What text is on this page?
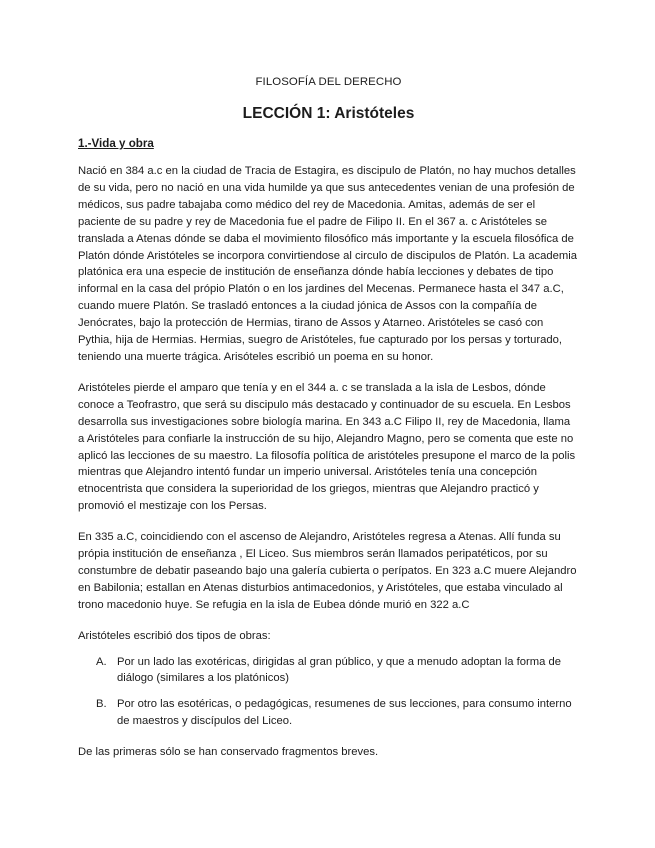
FILOSOFÍA DEL DERECHO
LECCIÓN 1: Aristóteles
1.-Vida y obra

Nació en 384 a.c en la ciudad de Tracia de Estagira, es discipulo de Platón, no hay muchos detalles de su vida, pero no nació en una vida humilde ya que sus antecedentes venian de una profesión de médicos, sus padre tabajaba como médico del rey de Macedonia. Amitas, además de ser el paciente de su padre y rey de Macedonia fue el padre de Filipo II. En el 367 a. c Aristóteles se translada a Atenas dónde se daba el movimiento filosófico más importante y la escuela filosófica de Platón dónde Aristóteles se incorpora convirtiendose al circulo de discipulos de Platón. La academia platónica era una especie de institución de enseñanza dónde había lecciones y debates de tipo informal en la casa del própio Platón o en los jardines del Mecenas. Permanece hasta el 347 a.C, cuando muere Platón. Se trasladó entonces a la ciudad jónica de Assos con la compañía de Jenócrates, bajo la protección de Hermias, tirano de Assos y Atarneo. Aristóteles se casó con Pythia, hija de Hermias. Hermias, suegro de Aristóteles, fue capturado por los persas y torturado, teniendo una muerte trágica. Arisóteles escribió un poema en su honor.

Aristóteles pierde el amparo que tenía y en el 344 a. c se translada a la isla de Lesbos, dónde conoce a Teofrastro, que será su discipulo más destacado y continuador de su escuela. En Lesbos desarrolla sus investigaciones sobre biología marina. En 343 a.C Filipo II, rey de Macedonia, llama a Aristóteles para confiarle la instrucción de su hijo, Alejandro Magno, pero se comenta que este no aplicó las lecciones de su maestro. La filosofía política de aristóteles presupone el marco de la polis mientras que Alejandro intentó fundar un imperio universal. Aristóteles tenía una concepción etnocentrista que considera la superioridad de los griegos, mientras que Alejandro practicó y promovió el mestizaje con los Persas.

En 335 a.C, coincidiendo con el ascenso de Alejandro, Aristóteles regresa a Atenas. Allí funda su própia institución de enseñanza , El Liceo. Sus miembros serán llamados peripatéticos, por su constumbre de debatir paseando bajo una galería cubierta o perípatos. En 323 a.C muere Alejandro en Babilonia; estallan en Atenas disturbios antimacedonios, y Aristóteles, que estaba vinculado al trono macedonio huye. Se refugia en la isla de Eubea dónde murió en 322 a.C

Aristóteles escribió dos tipos de obras:

A. Por un lado las exotéricas, dirigidas al gran público, y que a menudo adoptan la forma de diálogo (similares a los platónicos)
B. Por otro las esotéricas, o pedagógicas, resumenes de sus lecciones, para consumo interno de maestros y discípulos del Liceo.

De las primeras sólo se han conservado fragmentos breves.
